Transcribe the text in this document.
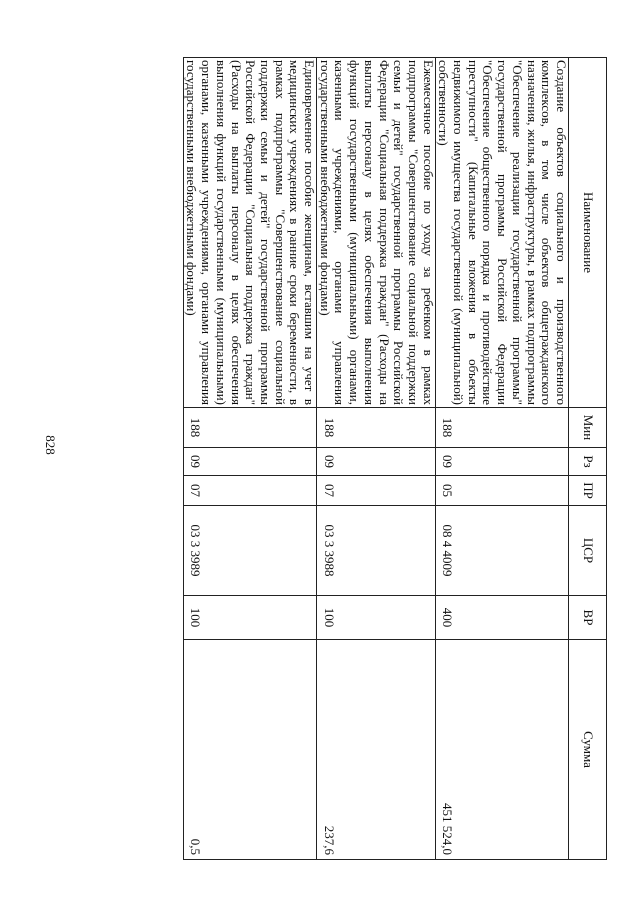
828
Наименование	Мин	Рз	ПР	ЦСР	ВР	Сумма
Создание объектов социального и производственного комплексов, в том числе объектов общегражданского назначения, жилья, инфраструктуры, в рамках подпрограммы "Обеспечение реализации государственной программы" государственной программы Российской Федерации "Обеспечение общественного порядка и противодействие преступности" (Капитальные вложения в объекты недвижимого имущества государственной (муниципальной) собственности)	188	09	05	08 4 4009	400	451 524,0
Ежемесячное пособие по уходу за ребенком в рамках подпрограммы "Совершенствование социальной поддержки семьи и детей" государственной программы Российской Федерации "Социальная поддержка граждан" (Расходы на выплаты персоналу в целях обеспечения выполнения функций государственными (муниципальными) органами, казенными учреждениями, органами управления государственными внебюджетными фондами)	188	09	07	03 3 3988	100	237,6
Единовременное пособие женщинам, вставшим на учет в медицинских учреждениях в ранние сроки беременности, в рамках подпрограммы "Совершенствование социальной поддержки семьи и детей" государственной программы Российской Федерации "Социальная поддержка граждан" (Расходы на выплаты персоналу в целях обеспечения выполнения функций государственными (муниципальными) органами, казенными учреждениями, органами управления государственными внебюджетными фондами)	188	09	07	03 3 3989	100	0,5
